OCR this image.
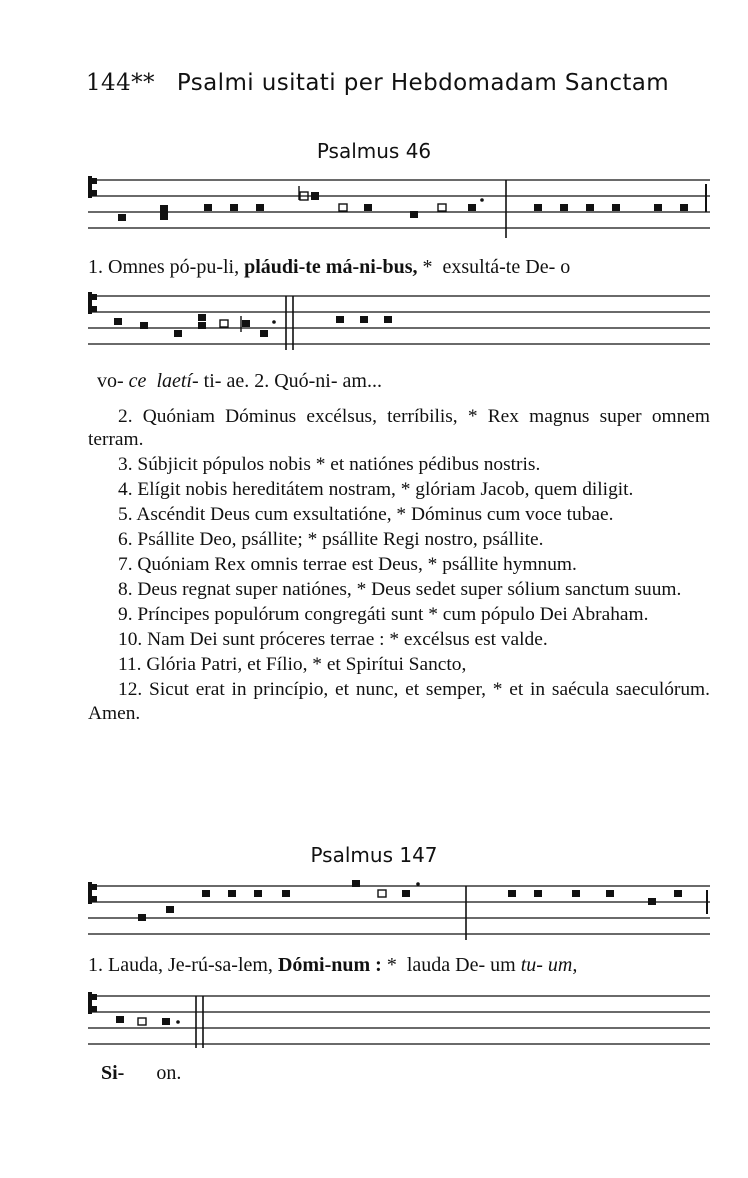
144** Psalmi usitati per Hebdomadam Sanctam
Psalmus 46
1. Omnes pó-pu-li, pláudi-te má-ni-bus, * exsultá-te De- o
vo- ce laetí- ti- ae. 2. Quó-ni- am...

2. Quóniam Dóminus excélsus, terríbilis, * Rex magnus super omnem terram.

3. Súbjicit pópulos nobis * et natiónes pédibus nostris.

4. Elígit nobis hereditátem nostram, * glóriam Jacob, quem diligit.

5. Ascéndit Deus cum exsultatióne, * Dóminus cum voce tubae.

6. Psállite Deo, psállite; * psállite Regi nostro, psállite.

7. Quóniam Rex omnis terrae est Deus, * psállite hymnum.

8. Deus regnat super natiónes, * Deus sedet super sólium sanctum suum.

9. Príncipes populórum congregáti sunt * cum pópulo Dei Abraham.

10. Nam Dei sunt próceres terrae : * excélsus est valde.

11. Glória Patri, et Fílio, * et Spirítui Sancto,

12. Sicut erat in princípio, et nunc, et semper, * et in saécula saeculórum. Amen.

Psalmus 147
1. Lauda, Je-rú-sa-lem, Dómi-num : * lauda De- um tu- um,
Si- on.
